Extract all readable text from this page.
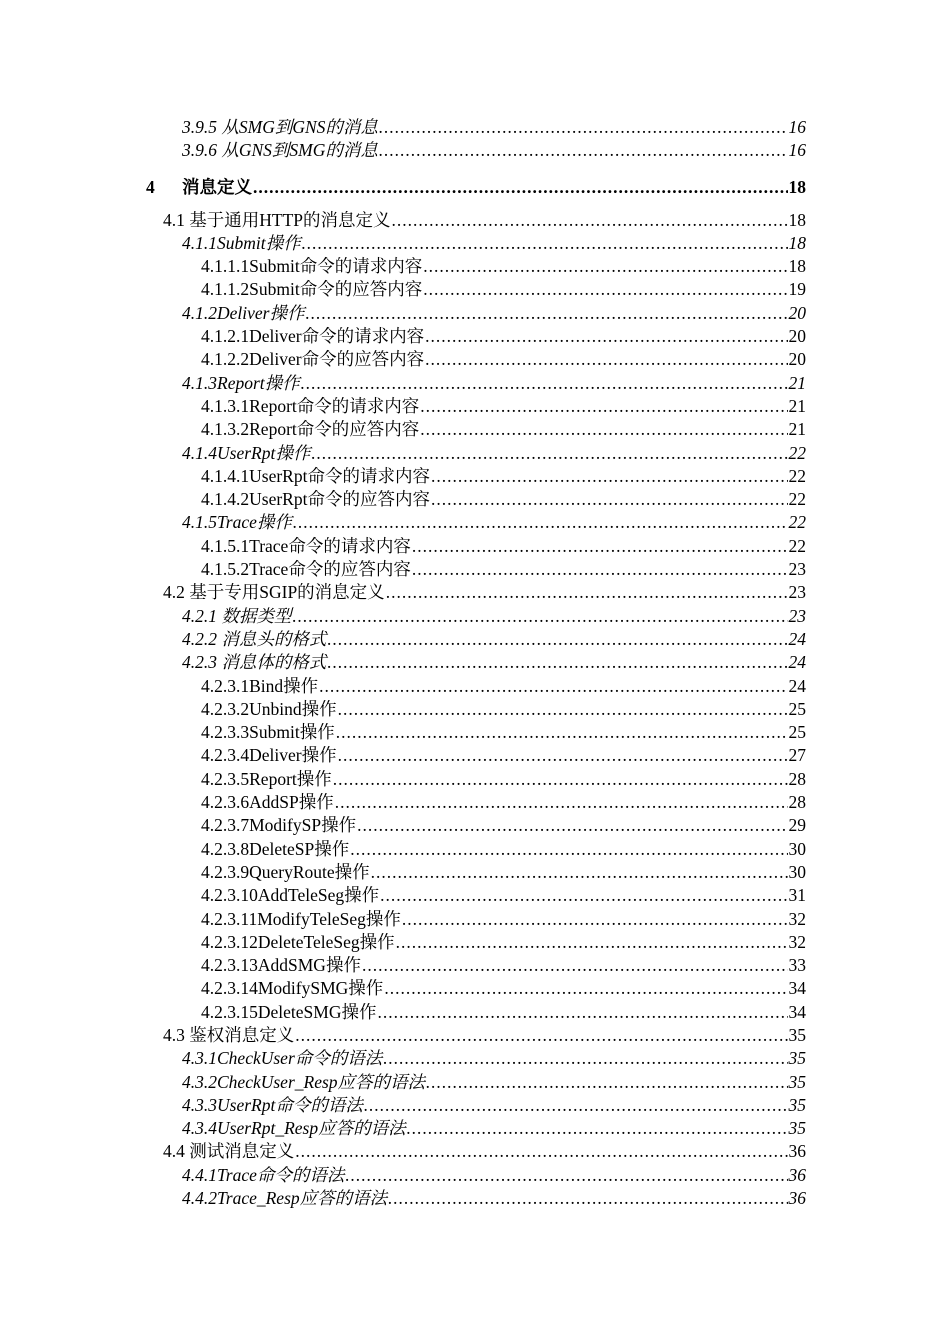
3.9.5 从SMG到GNS的消息 .....	16
3.9.6 从GNS到SMG的消息 .....	16
4 消息定义 .....	18
4.1 基于通用HTTP的消息定义 .....	18
4.1.1Submit操作 .....	18
4.1.1.1Submit命令的请求内容 .....	18
4.1.1.2Submit命令的应答内容 .....	19
4.1.2Deliver操作 .....	20
4.1.2.1Deliver命令的请求内容 .....	20
4.1.2.2Deliver命令的应答内容 .....	20
4.1.3Report操作 .....	21
4.1.3.1Report命令的请求内容 .....	21
4.1.3.2Report命令的应答内容 .....	21
4.1.4UserRpt操作 .....	22
4.1.4.1UserRpt命令的请求内容 .....	22
4.1.4.2UserRpt命令的应答内容 .....	22
4.1.5Trace操作 .....	22
4.1.5.1Trace命令的请求内容 .....	22
4.1.5.2Trace命令的应答内容 .....	23
4.2 基于专用SGIP的消息定义 .....	23
4.2.1 数据类型 .....	23
4.2.2 消息头的格式 .....	24
4.2.3 消息体的格式 .....	24
4.2.3.1Bind操作 .....	24
4.2.3.2Unbind操作 .....	25
4.2.3.3Submit操作 .....	25
4.2.3.4Deliver操作 .....	27
4.2.3.5Report操作 .....	28
4.2.3.6AddSP操作 .....	28
4.2.3.7ModifySP操作 .....	29
4.2.3.8DeleteSP操作 .....	30
4.2.3.9QueryRoute操作 .....	30
4.2.3.10AddTeleSeg操作 .....	31
4.2.3.11ModifyTeleSeg操作 .....	32
4.2.3.12DeleteTeleSeg操作 .....	32
4.2.3.13AddSMG操作 .....	33
4.2.3.14ModifySMG操作 .....	34
4.2.3.15DeleteSMG操作 .....	34
4.3 鉴权消息定义 .....	35
4.3.1CheckUser命令的语法 .....	35
4.3.2CheckUser_Resp应答的语法 .....	35
4.3.3UserRpt命令的语法 .....	35
4.3.4UserRpt_Resp应答的语法 .....	35
4.4 测试消息定义 .....	36
4.4.1Trace命令的语法 .....	36
4.4.2Trace_Resp应答的语法 .....	36
